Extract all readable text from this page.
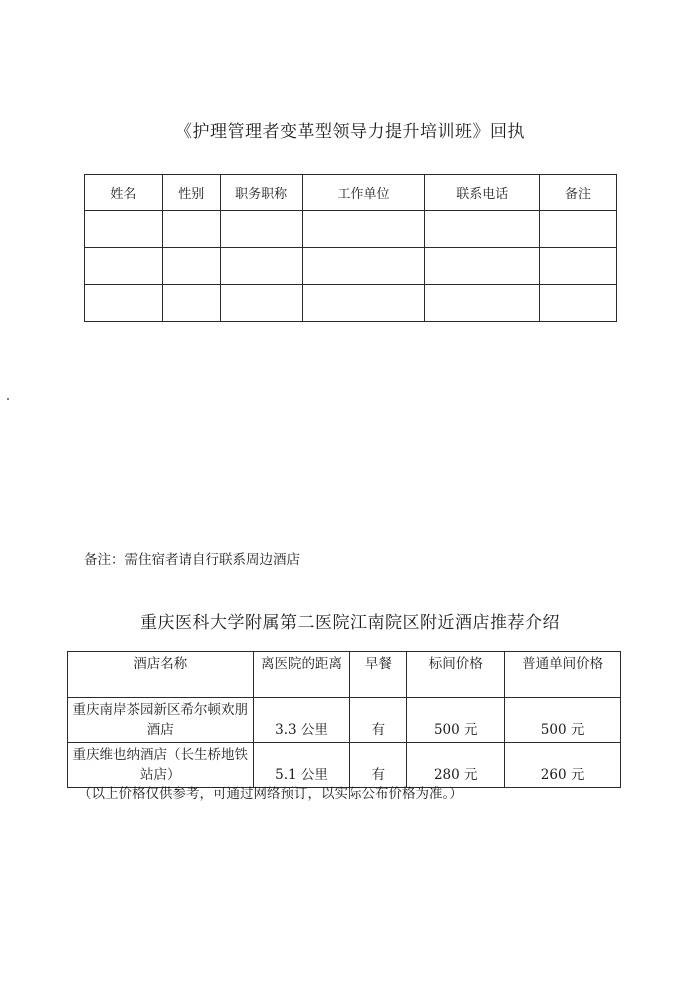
《护理管理者变革型领导力提升培训班》回执
姓名	性别	职务职称	工作单位	联系电话	备注

备注：需住宿者请自行联系周边酒店
重庆医科大学附属第二医院江南院区附近酒店推荐介绍
酒店名称	离医院的距离	早餐	标间价格	普通单间价格
重庆南岸茶园新区希尔顿欢朋酒店	3.3 公里	有	500 元	500 元
重庆维也纳酒店（长生桥地铁站店）	5.1 公里	有	280 元	260 元
（以上价格仅供参考，可通过网络预订，以实际公布价格为准。）
